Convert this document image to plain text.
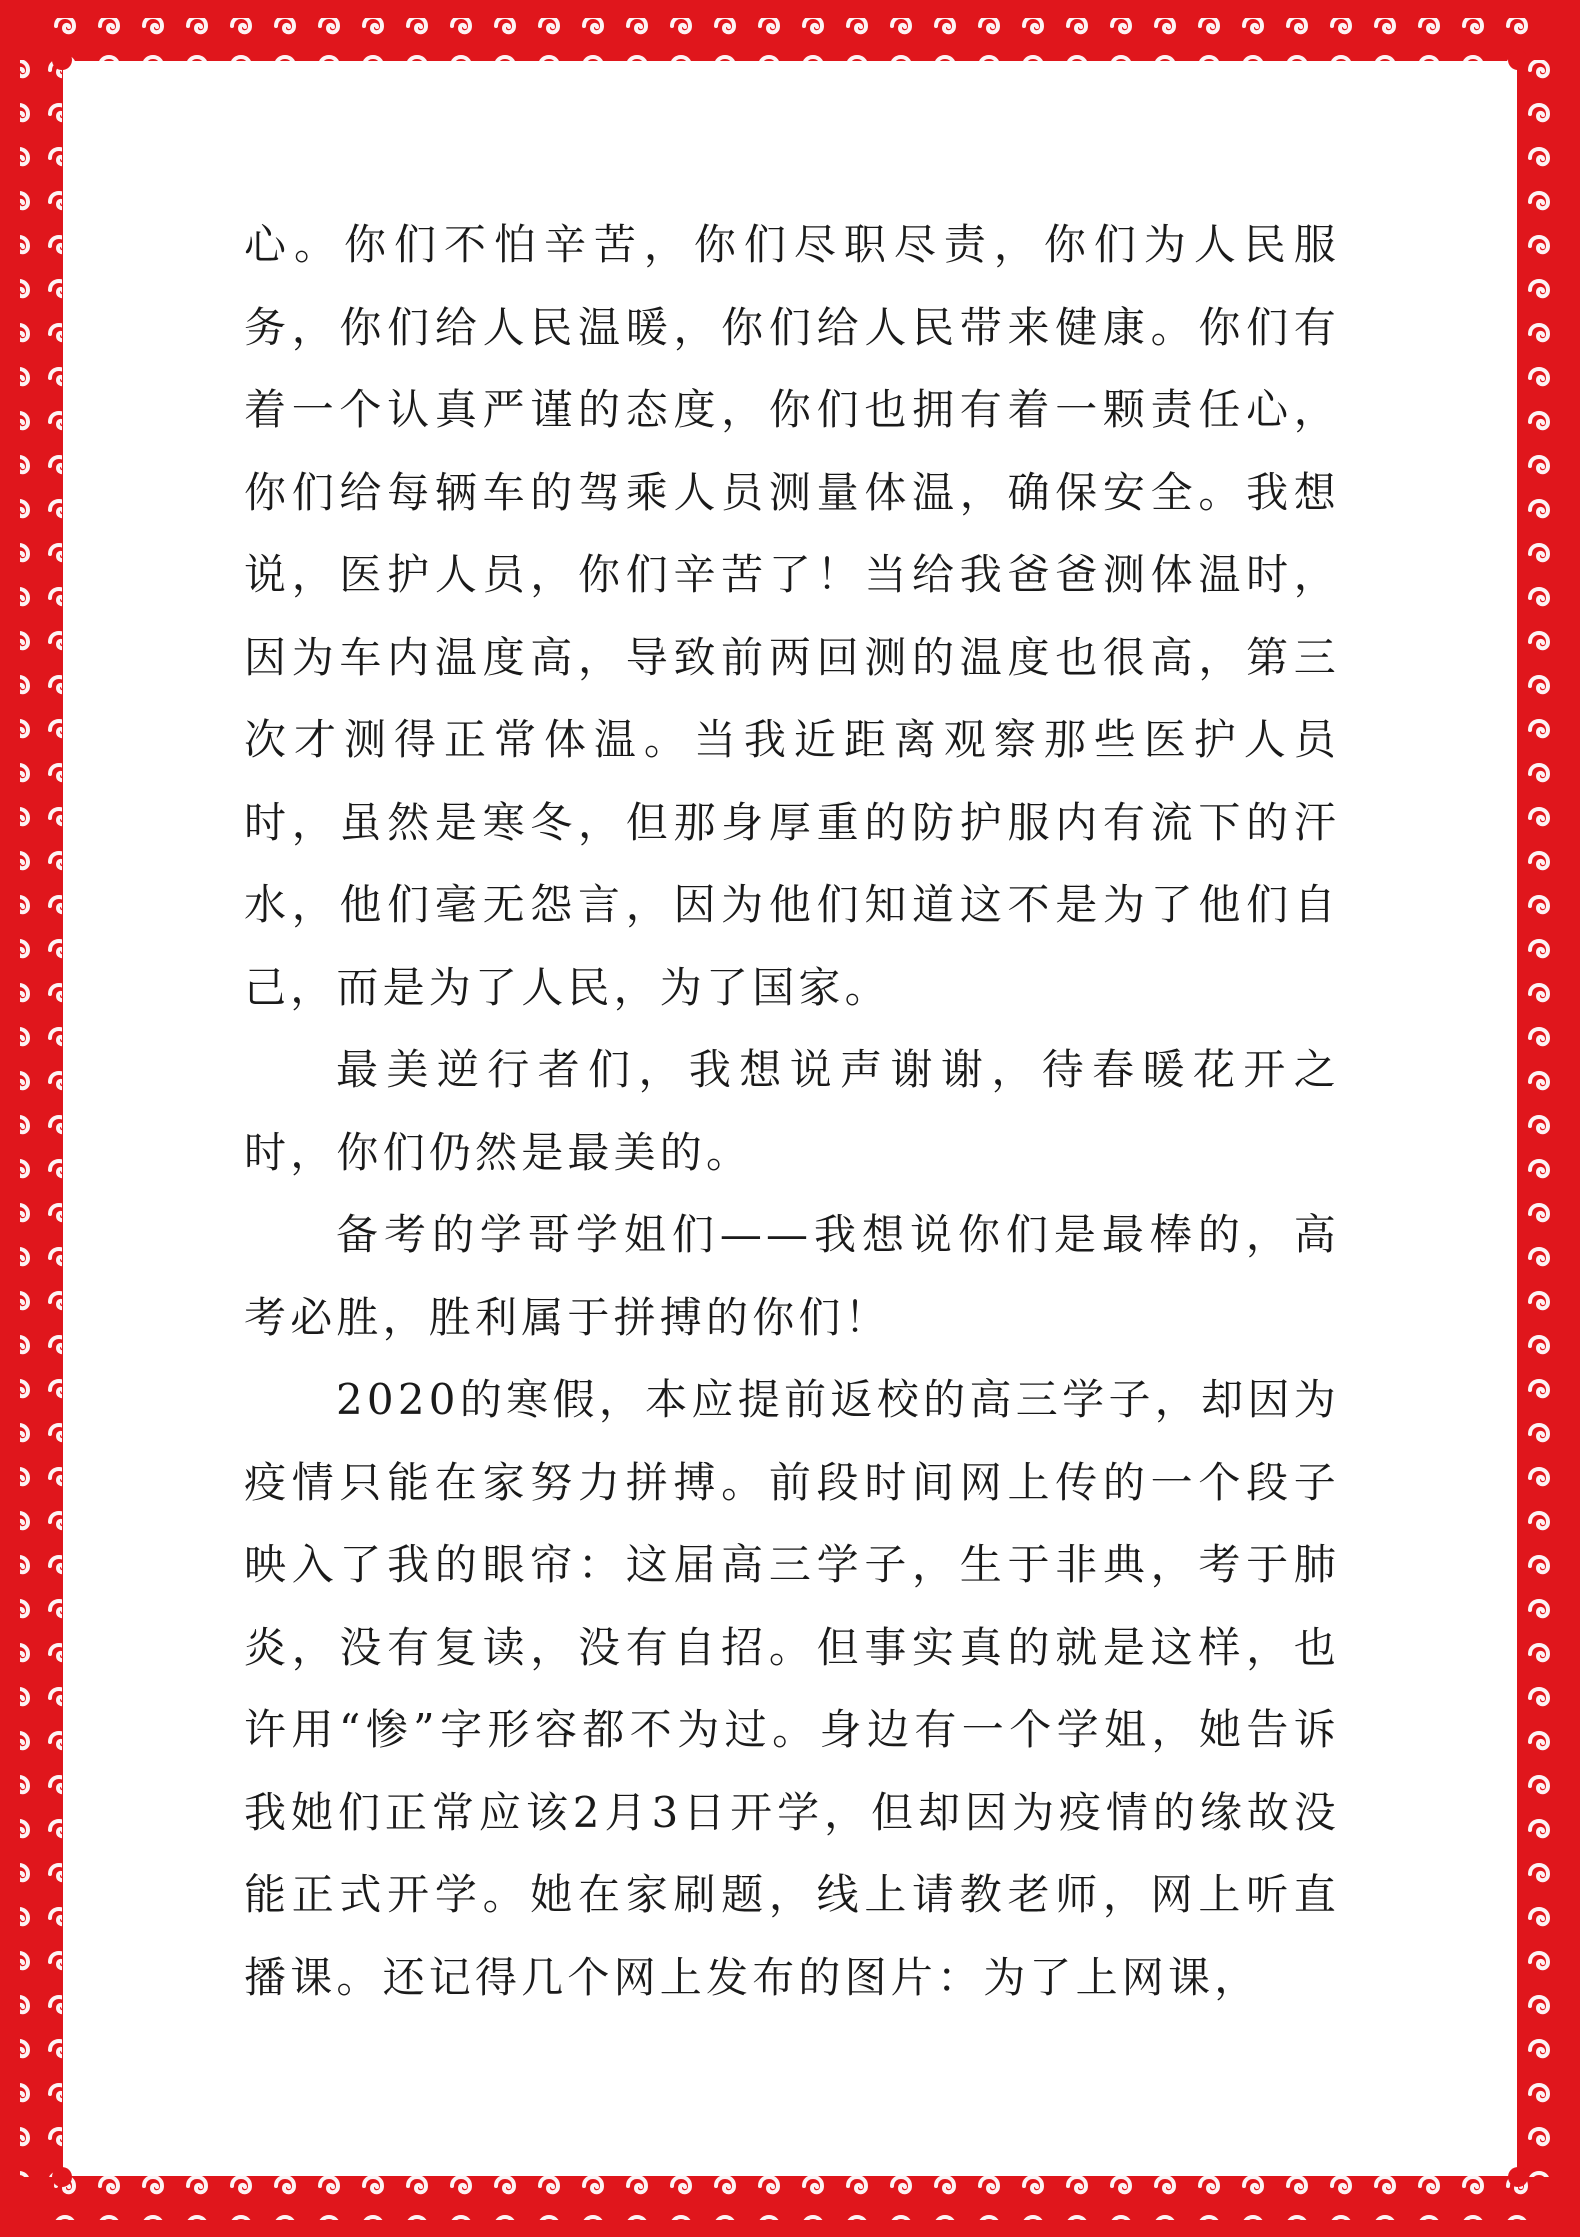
心。你们不怕辛苦，你们尽职尽责，你们为人民服务，你们给人民温暖，你们给人民带来健康。你们有着一个认真严谨的态度，你们也拥有着一颗责任心，你们给每辆车的驾乘人员测量体温，确保安全。我想说，医护人员，你们辛苦了！当给我爸爸测体温时，因为车内温度高，导致前两回测的温度也很高，第三次才测得正常体温。当我近距离观察那些医护人员时，虽然是寒冬，但那身厚重的防护服内有流下的汗水，他们毫无怨言，因为他们知道这不是为了他们自己，而是为了人民，为了国家。

最美逆行者们，我想说声谢谢，待春暖花开之时，你们仍然是最美的。

备考的学哥学姐们——我想说你们是最棒的，高考必胜，胜利属于拼搏的你们！

2020的寒假，本应提前返校的高三学子，却因为疫情只能在家努力拼搏。前段时间网上传的一个段子映入了我的眼帘：这届高三学子，生于非典，考于肺炎，没有复读，没有自招。但事实真的就是这样，也许用“惨”字形容都不为过。身边有一个学姐，她告诉我她们正常应该2月3日开学，但却因为疫情的缘故没能正式开学。她在家刷题，线上请教老师，网上听直播课。还记得几个网上发布的图片：为了上网课，
